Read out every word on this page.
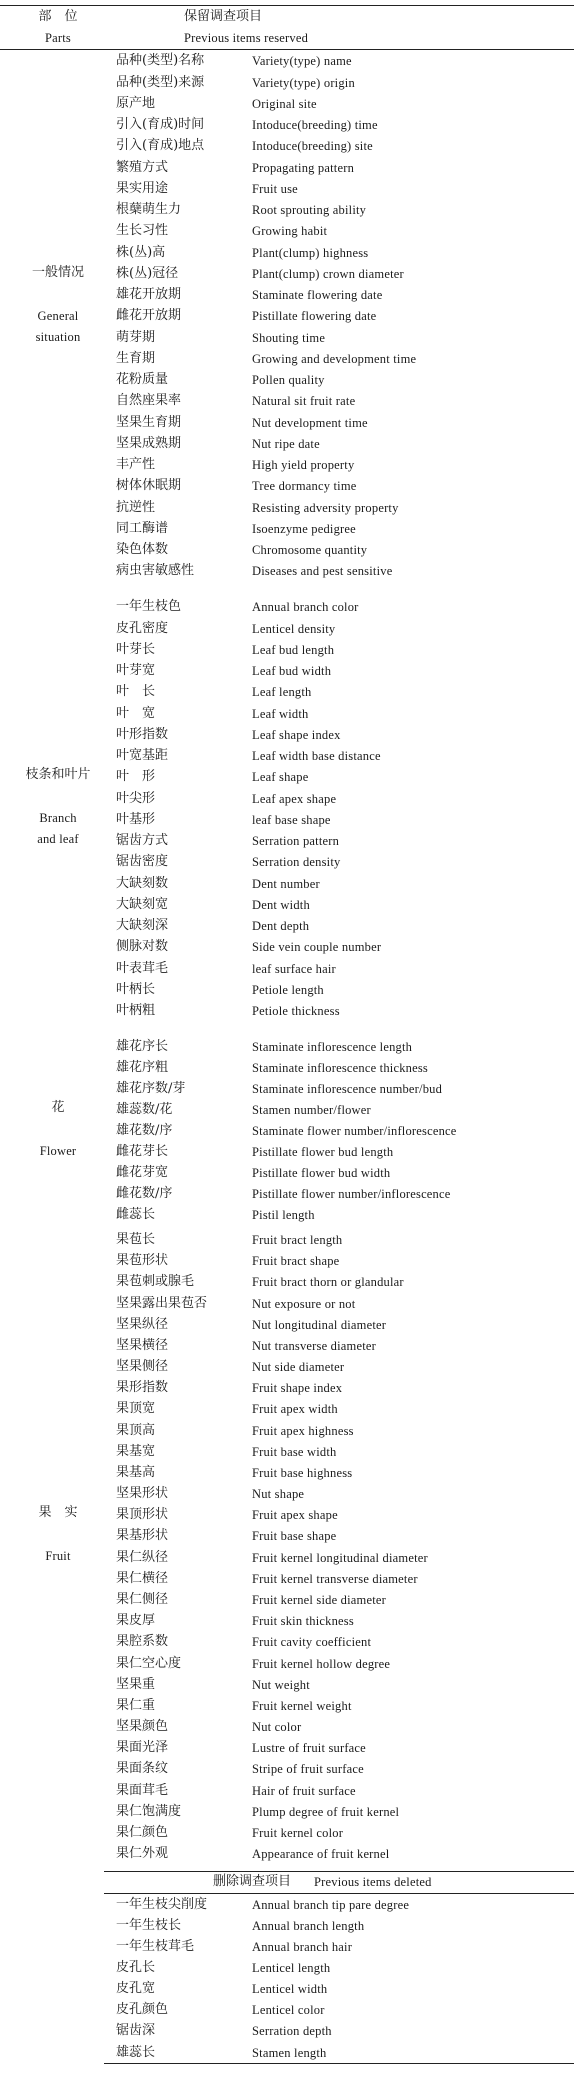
部　位
Parts
保留调查项目
Previous items reserved
删除调查项目 Previous items deleted
一般情况
General
situation
品种(类型)名称	Variety(type) name
品种(类型)来源	Variety(type) origin
原产地	Original site
引入(育成)时间	Intoduce(breeding) time
引入(育成)地点	Intoduce(breeding) site
繁殖方式	Propagating pattern
果实用途	Fruit use
根蘖萌生力	Root sprouting ability
生长习性	Growing habit
株(丛)高	Plant(clump) highness
株(丛)冠径	Plant(clump) crown diameter
雄花开放期	Staminate flowering date
雌花开放期	Pistillate flowering date
萌芽期	Shouting time
生育期	Growing and development time
花粉质量	Pollen quality
自然座果率	Natural sit fruit rate
坚果生育期	Nut development time
坚果成熟期	Nut ripe date
丰产性	High yield property
树体休眠期	Tree dormancy time
抗逆性	Resisting adversity property
同工酶谱	Isoenzyme pedigree
染色体数	Chromosome quantity
病虫害敏感性	Diseases and pest sensitive
枝条和叶片
Branch
and leaf
一年生枝色	Annual branch color
皮孔密度	Lenticel density
叶芽长	Leaf bud length
叶芽宽	Leaf bud width
叶　长	Leaf length
叶　宽	Leaf width
叶形指数	Leaf shape index
叶宽基距	Leaf width base distance
叶　形	Leaf shape
叶尖形	Leaf apex shape
叶基形	leaf base shape
锯齿方式	Serration pattern
锯齿密度	Serration density
大缺刻数	Dent number
大缺刻宽	Dent width
大缺刻深	Dent depth
侧脉对数	Side vein couple number
叶表茸毛	leaf surface hair
叶柄长	Petiole length
叶柄粗	Petiole thickness
花
Flower
雄花序长	Staminate inflorescence length
雄花序粗	Staminate inflorescence thickness
雄花序数/芽	Staminate inflorescence number/bud
雄蕊数/花	Stamen number/flower
雄花数/序	Staminate flower number/inflorescence
雌花芽长	Pistillate flower bud length
雌花芽宽	Pistillate flower bud width
雌花数/序	Pistillate flower number/inflorescence
雌蕊长	Pistil length
果　实
Fruit
果苞长	Fruit bract length
果苞形状	Fruit bract shape
果苞刺或腺毛	Fruit bract thorn or glandular
坚果露出果苞否	Nut exposure or not
坚果纵径	Nut longitudinal diameter
坚果横径	Nut transverse diameter
坚果侧径	Nut side diameter
果形指数	Fruit shape index
果顶宽	Fruit apex width
果顶高	Fruit apex highness
果基宽	Fruit base width
果基高	Fruit base highness
坚果形状	Nut shape
果顶形状	Fruit apex shape
果基形状	Fruit base shape
果仁纵径	Fruit kernel longitudinal diameter
果仁横径	Fruit kernel transverse diameter
果仁侧径	Fruit kernel side diameter
果皮厚	Fruit skin thickness
果腔系数	Fruit cavity coefficient
果仁空心度	Fruit kernel hollow degree
坚果重	Nut weight
果仁重	Fruit kernel weight
坚果颜色	Nut color
果面光泽	Lustre of fruit surface
果面条纹	Stripe of fruit surface
果面茸毛	Hair of fruit surface
果仁饱满度	Plump degree of fruit kernel
果仁颜色	Fruit kernel color
果仁外观	Appearance of fruit kernel
一年生枝尖削度	Annual branch tip pare degree
一年生枝长	Annual branch length
一年生枝茸毛	Annual branch hair
皮孔长	Lenticel length
皮孔宽	Lenticel width
皮孔颜色	Lenticel color
锯齿深	Serration depth
雄蕊长	Stamen length
